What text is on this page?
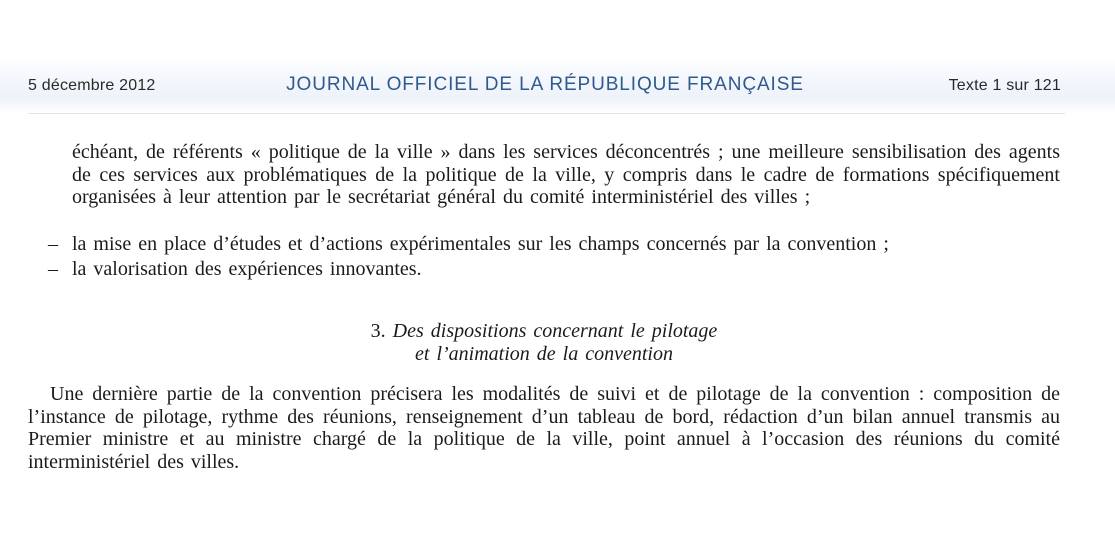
5 décembre 2012	JOURNAL OFFICIEL DE LA RÉPUBLIQUE FRANÇAISE	Texte 1 sur 121
échéant, de référents « politique de la ville » dans les services déconcentrés ; une meilleure sensibilisation des agents de ces services aux problématiques de la politique de la ville, y compris dans le cadre de formations spécifiquement organisées à leur attention par le secrétariat général du comité interministériel des villes ;
– la mise en place d’études et d’actions expérimentales sur les champs concernés par la convention ;
– la valorisation des expériences innovantes.
3. Des dispositions concernant le pilotage
et l’animation de la convention
Une dernière partie de la convention précisera les modalités de suivi et de pilotage de la convention : composition de l’instance de pilotage, rythme des réunions, renseignement d’un tableau de bord, rédaction d’un bilan annuel transmis au Premier ministre et au ministre chargé de la politique de la ville, point annuel à l’occasion des réunions du comité interministériel des villes.
